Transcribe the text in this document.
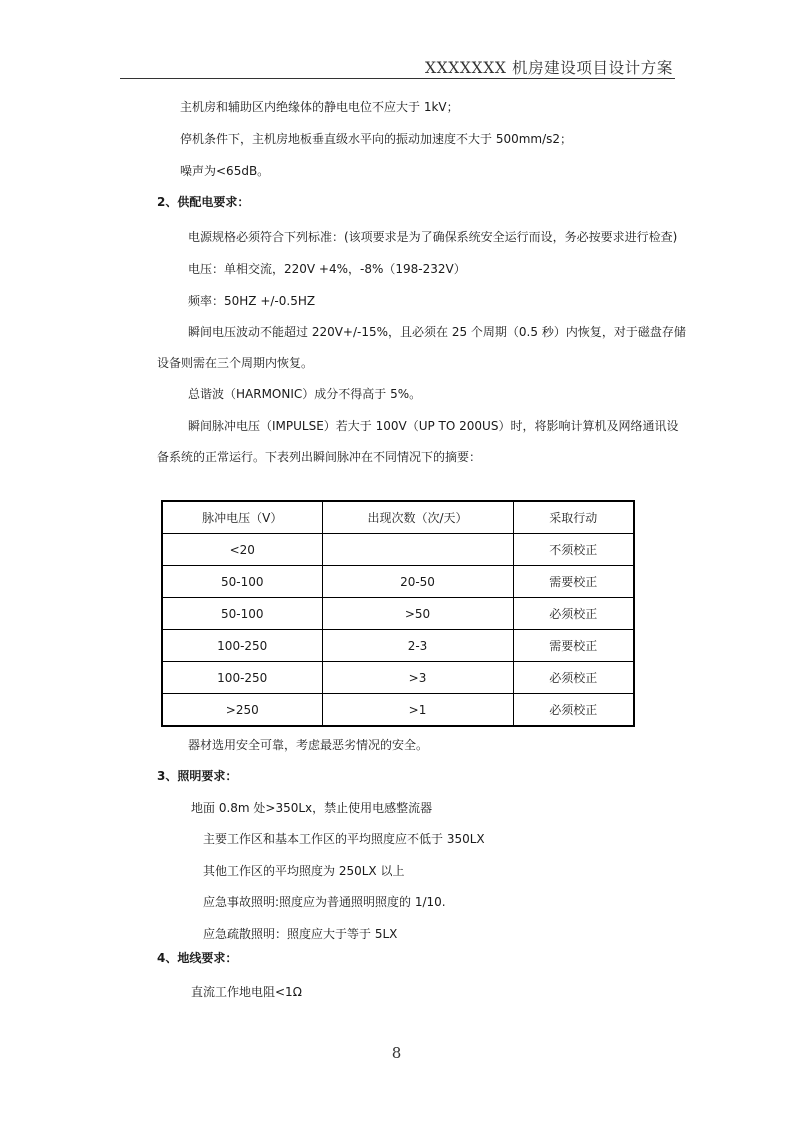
XXXXXXX 机房建设项目设计方案
主机房和辅助区内绝缘体的静电电位不应大于 1kV；
停机条件下，主机房地板垂直级水平向的振动加速度不大于 500mm/s2；
噪声为<65dB。
2、供配电要求：
电源规格必须符合下列标准：(该项要求是为了确保系统安全运行而设，务必按要求进行检查)
电压：单相交流，220V +4%，-8%（198-232V）
频率：50HZ +/-0.5HZ
瞬间电压波动不能超过 220V+/-15%，且必须在 25 个周期（0.5 秒）内恢复，对于磁盘存储
设备则需在三个周期内恢复。
总谐波（HARMONIC）成分不得高于 5%。
瞬间脉冲电压（IMPULSE）若大于 100V（UP TO 200US）时，将影响计算机及网络通讯设
备系统的正常运行。下表列出瞬间脉冲在不同情况下的摘要：
脉冲电压（V）	出现次数（次/天）	采取行动
<20		不须校正
50-100	20-50	需要校正
50-100	>50	必须校正
100-250	2-3	需要校正
100-250	>3	必须校正
>250	>1	必须校正
器材选用安全可靠，考虑最恶劣情况的安全。
3、照明要求：
地面 0.8m 处>350Lx，禁止使用电感整流器
主要工作区和基本工作区的平均照度应不低于 350LX
其他工作区的平均照度为 250LX 以上
应急事故照明:照度应为普通照明照度的 1/10.
应急疏散照明：照度应大于等于 5LX
4、地线要求：
直流工作地电阻<1Ω
8
